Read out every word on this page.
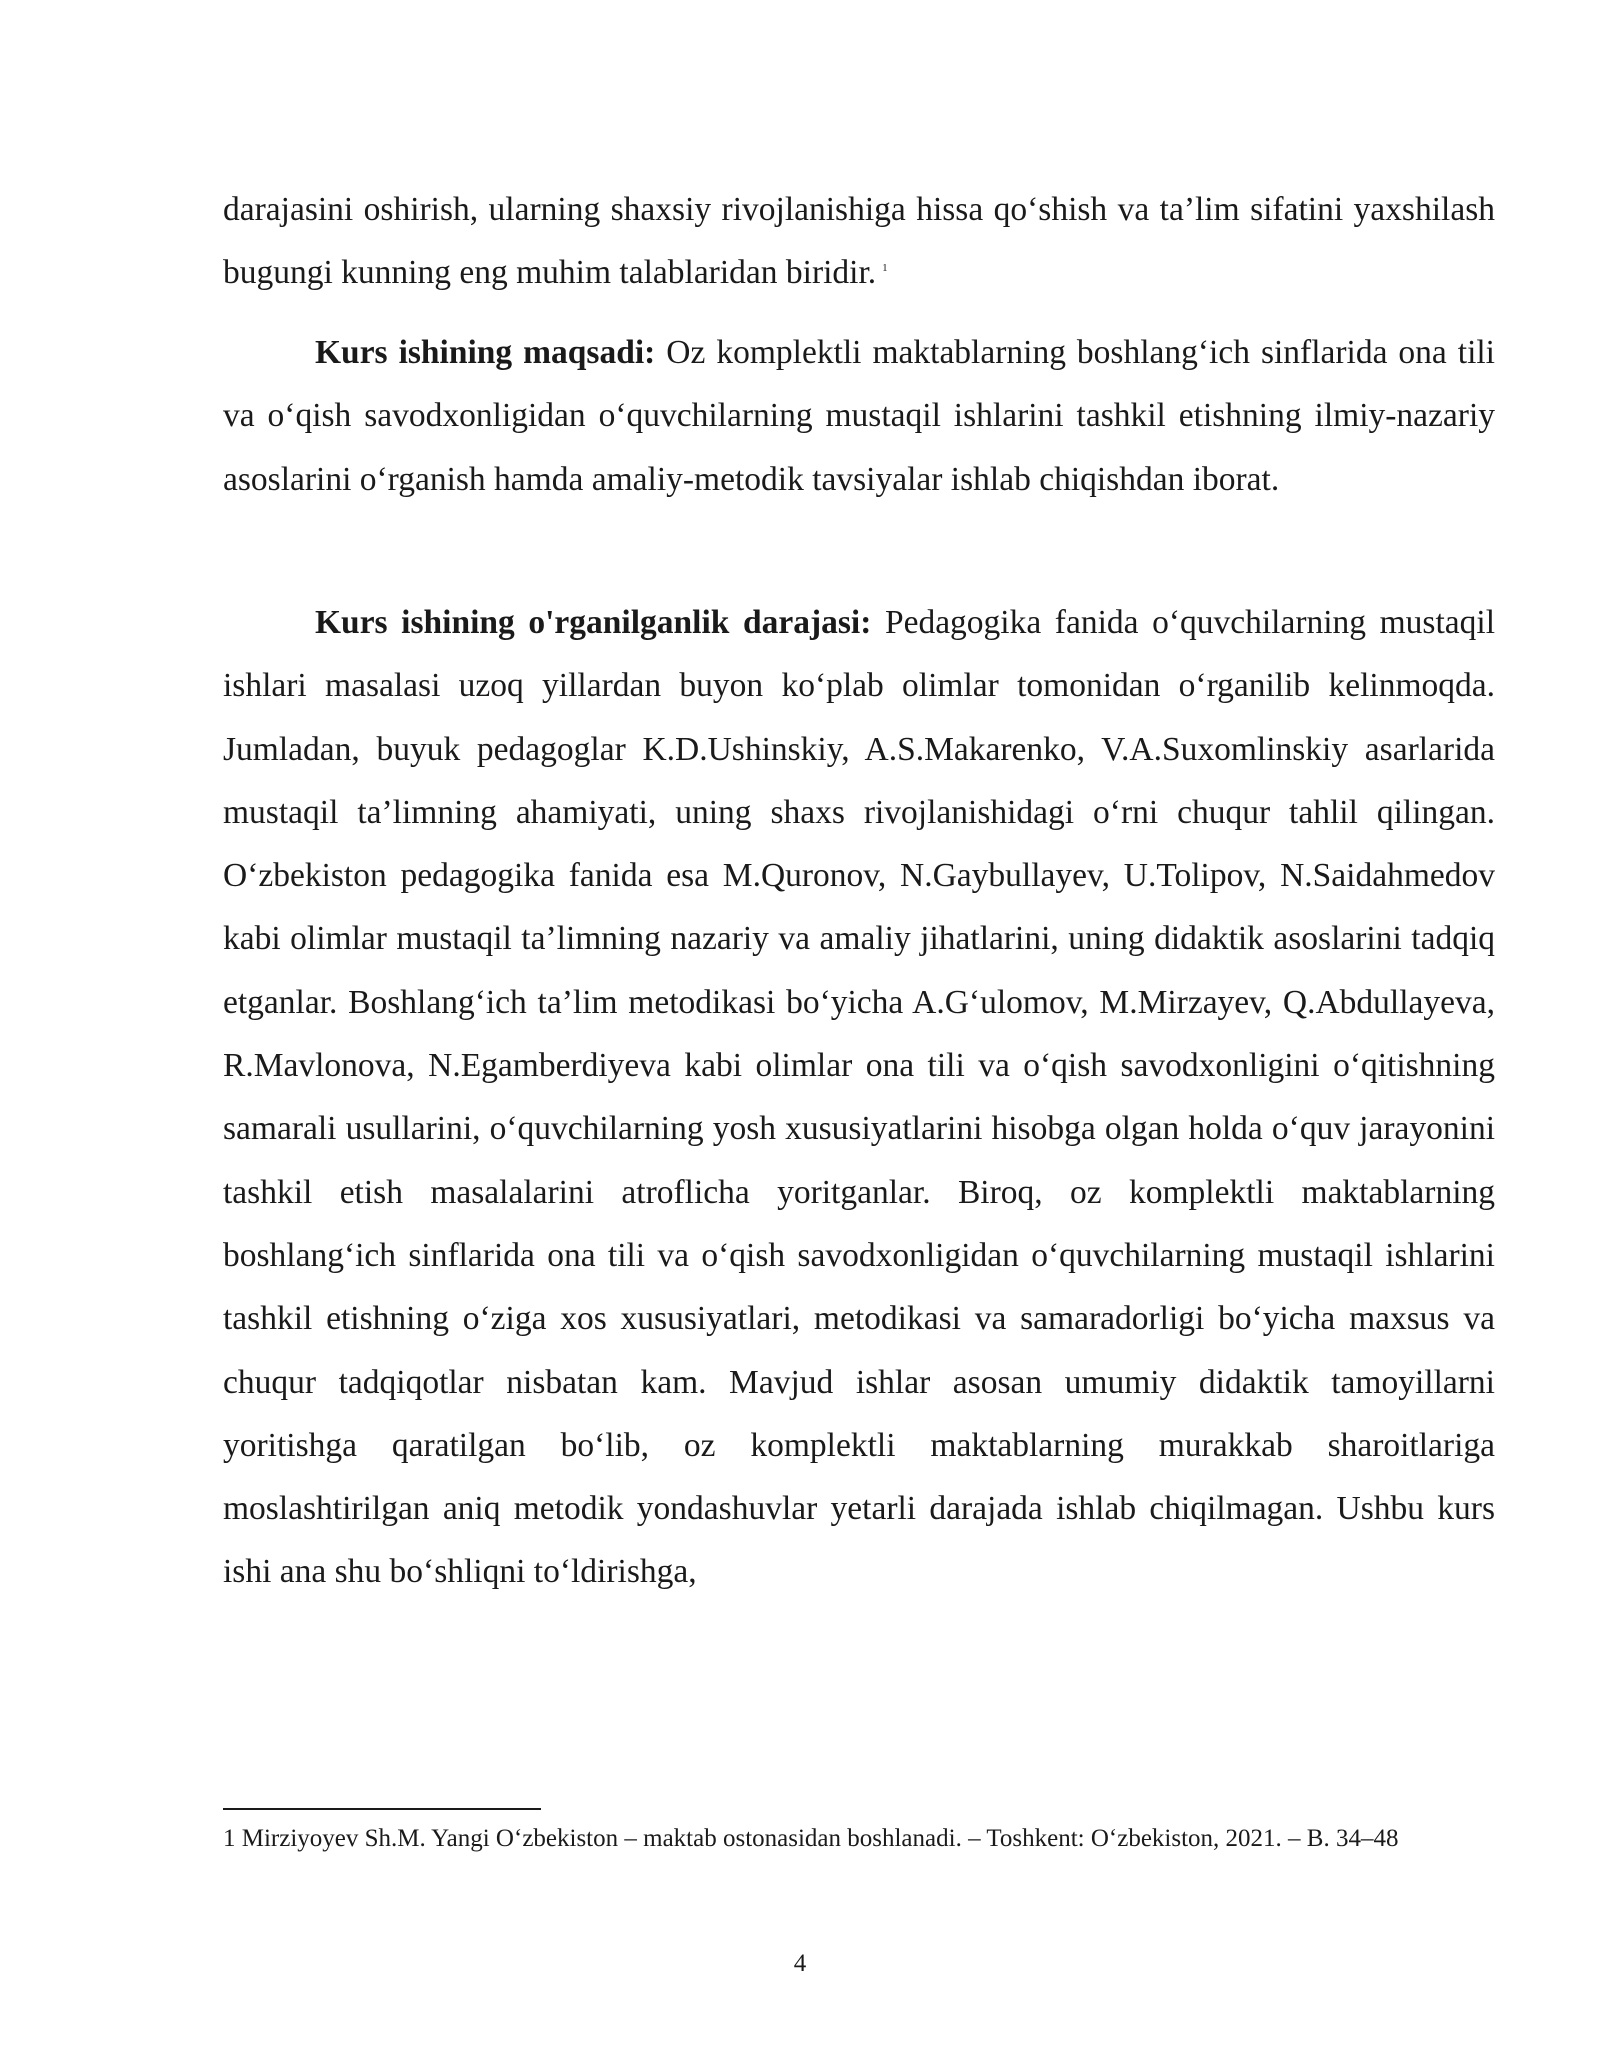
darajasini oshirish, ularning shaxsiy rivojlanishiga hissa qo‘shish va ta’lim sifatini yaxshilash bugungi kunning eng muhim talablaridan biridir. $^1$

Kurs ishining maqsadi: Oz komplektli maktablarning boshlang‘ich sinflarida ona tili va o‘qish savodxonligidan o‘quvchilarning mustaqil ishlarini tashkil etishning ilmiy-nazariy asoslarini o‘rganish hamda amaliy-metodik tavsiyalar ishlab chiqishdan iborat.

Kurs ishining o'rganilganlik darajasi: Pedagogika fanida o‘quvchilarning mustaqil ishlari masalasi uzoq yillardan buyon ko‘plab olimlar tomonidan o‘rganilib kelinmoqda. Jumladan, buyuk pedagoglar K.D.Ushinskiy, A.S.Makarenko, V.A.Suxomlinskiy asarlarida mustaqil ta’limning ahamiyati, uning shaxs rivojlanishidagi o‘rni chuqur tahlil qilingan. O‘zbekiston pedagogika fanida esa M.Quronov, N.Gaybullayev, U.Tolipov, N.Saidahmedov kabi olimlar mustaqil ta’limning nazariy va amaliy jihatlarini, uning didaktik asoslarini tadqiq etganlar. Boshlang‘ich ta’lim metodikasi bo‘yicha A.G‘ulomov, M.Mirzayev, Q.Abdullayeva, R.Mavlonova, N.Egamberdiyeva kabi olimlar ona tili va o‘qish savodxonligini o‘qitishning samarali usullarini, o‘quvchilarning yosh xususiyatlarini hisobga olgan holda o‘quv jarayonini tashkil etish masalalarini atroflicha yoritganlar. Biroq, oz komplektli maktablarning boshlang‘ich sinflarida ona tili va o‘qish savodxonligidan o‘quvchilarning mustaqil ishlarini tashkil etishning o‘ziga xos xususiyatlari, metodikasi va samaradorligi bo‘yicha maxsus va chuqur tadqiqotlar nisbatan kam. Mavjud ishlar asosan umumiy didaktik tamoyillarni yoritishga qaratilgan bo‘lib, oz komplektli maktablarning murakkab sharoitlariga moslashtirilgan aniq metodik yondashuvlar yetarli darajada ishlab chiqilmagan. Ushbu kurs ishi ana shu bo‘shliqni to‘ldirishga,

1 Mirziyoyev Sh.M. Yangi O‘zbekiston – maktab ostonasidan boshlanadi. – Toshkent: O‘zbekiston, 2021. – B. 34–48
4
